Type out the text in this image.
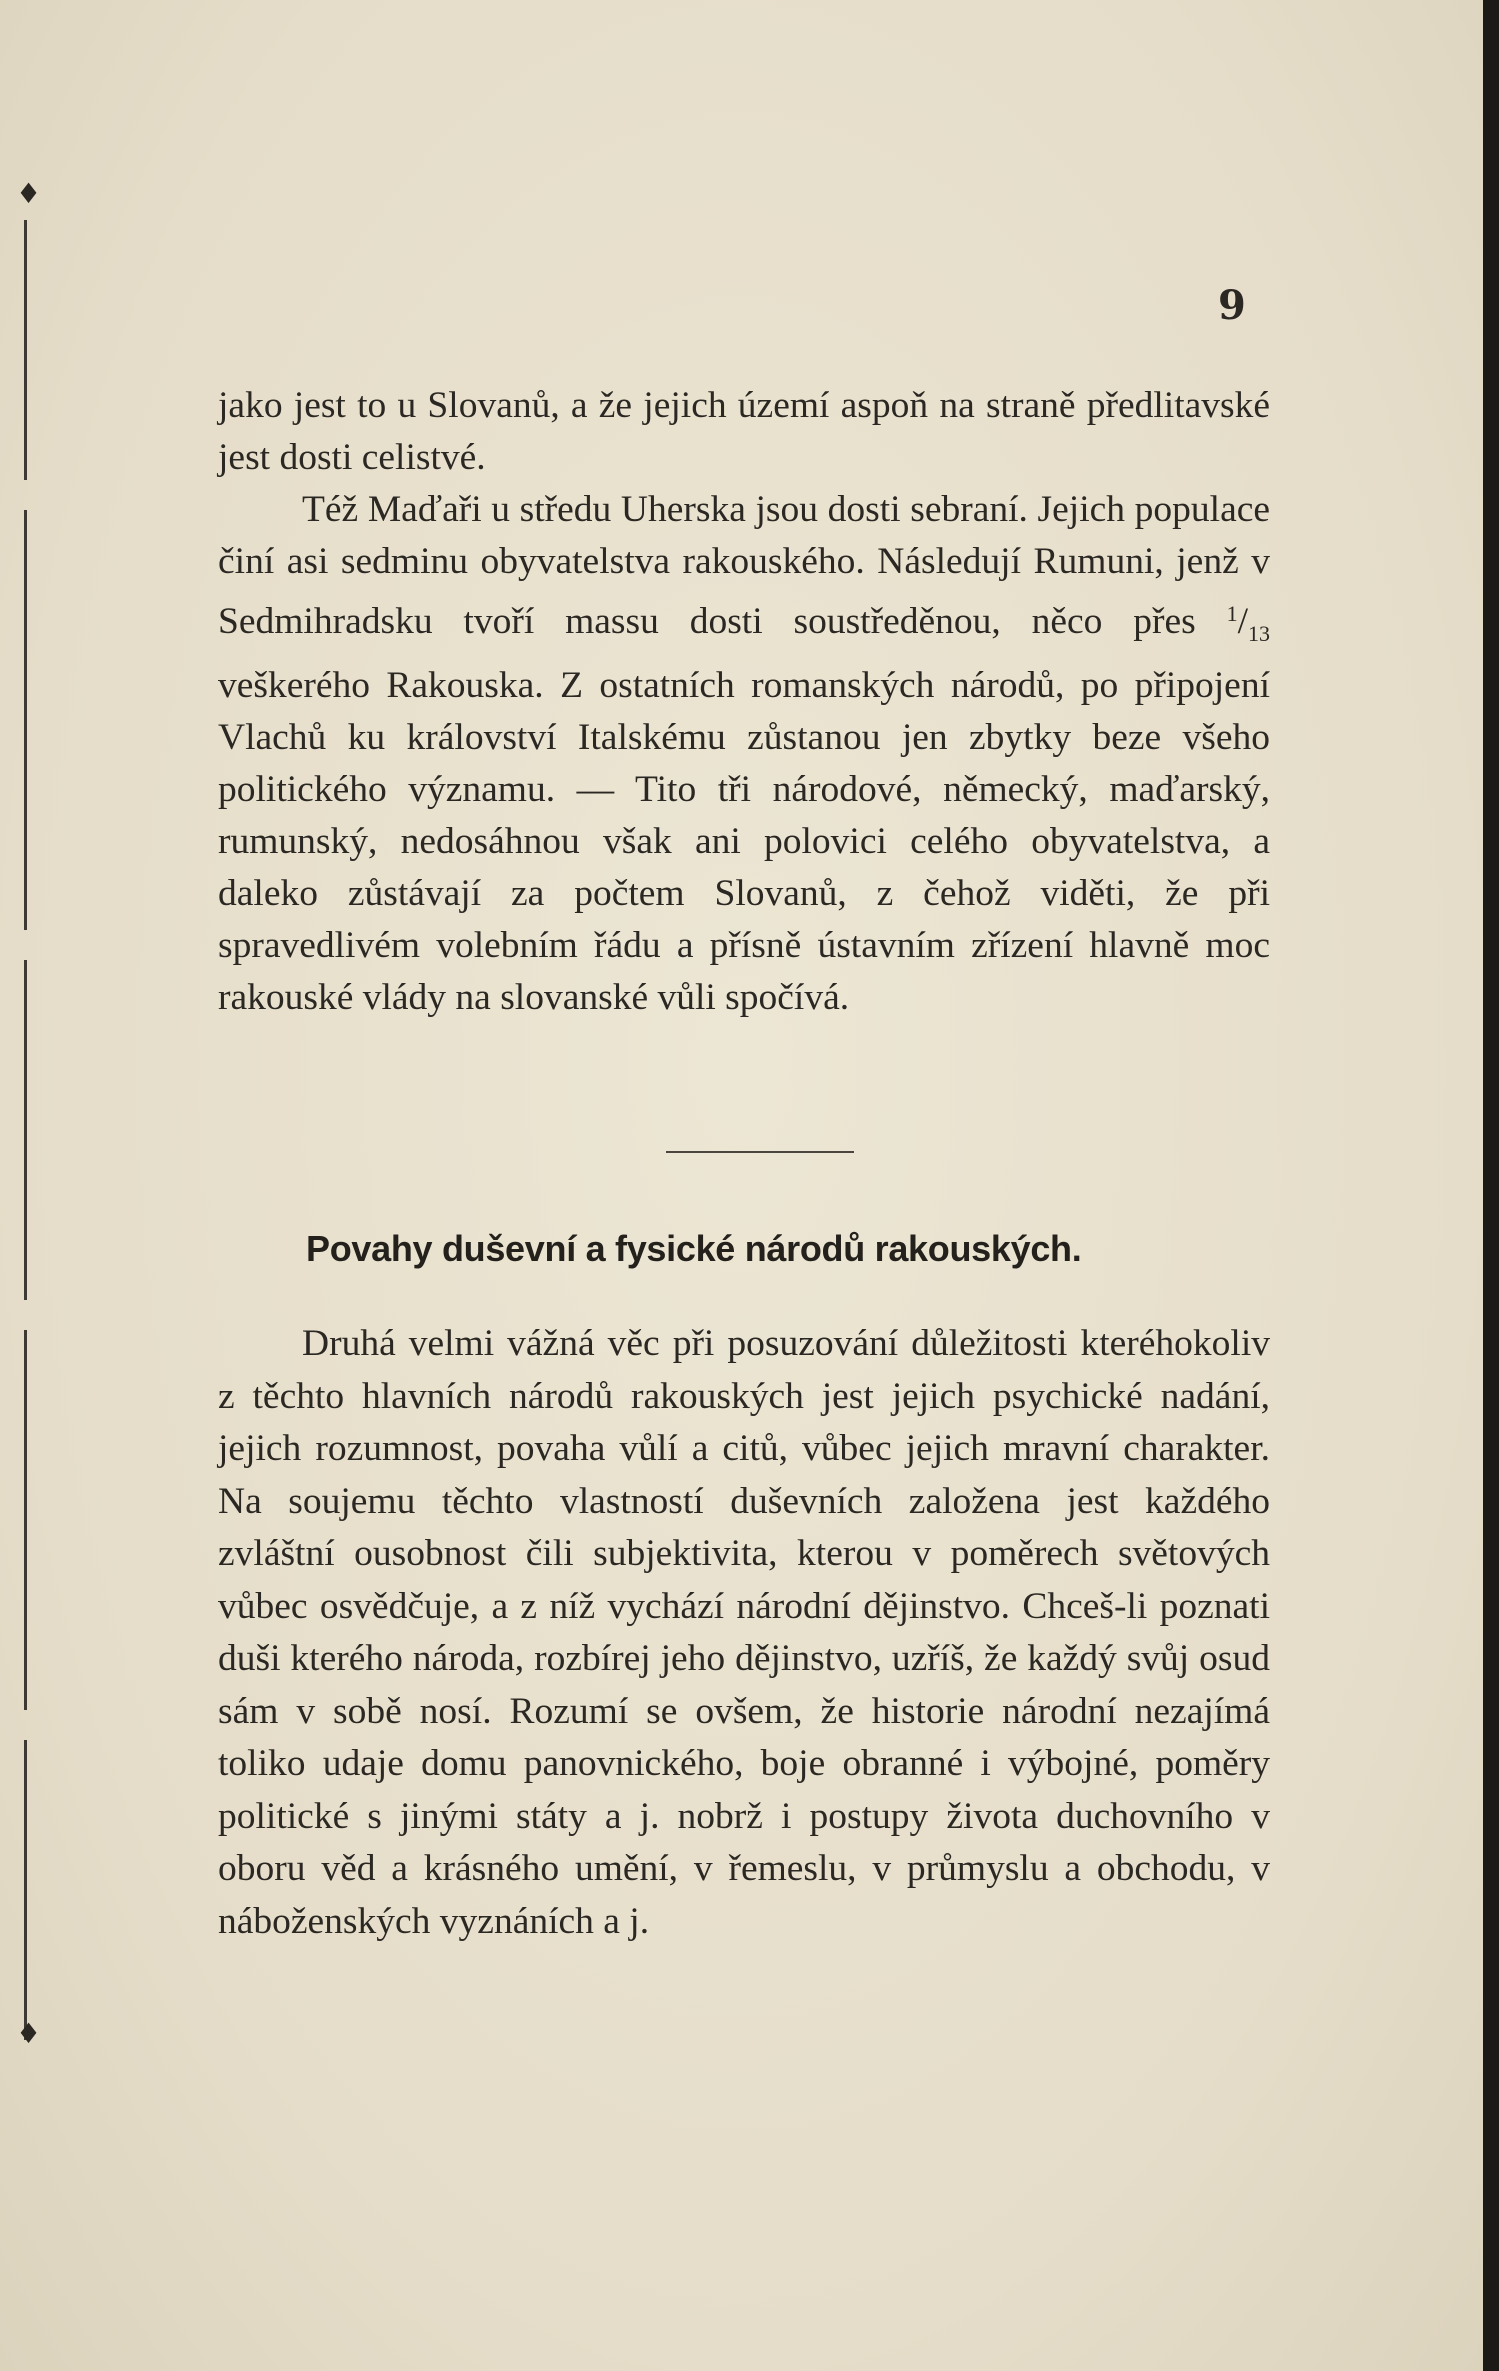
♦
♦
9

jako jest to u Slovanů, a že jejich území aspoň na straně předlitavské jest dosti celistvé.

Též Maďaři u středu Uherska jsou dosti sebraní. Jejich populace činí asi sedminu obyvatelstva rakouského. Následují Rumuni, jenž v Sedmihradsku tvoří massu dosti soustředěnou, něco přes $^1/_{13}$ veškerého Rakouska. Z ostatních romanských národů, po připojení Vlachů ku království Italskému zůstanou jen zbytky beze všeho politického významu. — Tito tři národové, německý, maďarský, rumunský, nedosáhnou však ani polovici celého obyvatelstva, a daleko zůstávají za počtem Slovanů, z čehož viděti, že při spravedlivém volebním řádu a přísně ústavním zřízení hlavně moc rakouské vlády na slovanské vůli spočívá.

Povahy duševní a fysické národů rakouských.

Druhá velmi vážná věc při posuzování důležitosti kteréhokoliv z těchto hlavních národů rakouských jest jejich psychické nadání, jejich rozumnost, povaha vůlí a citů, vůbec jejich mravní charakter. Na soujemu těchto vlastností duševních založena jest každého zvláštní ousobnost čili subjektivita, kterou v poměrech světových vůbec osvědčuje, a z níž vychází národní dějinstvo. Chceš-li poznati duši kterého národa, rozbírej jeho dějinstvo, uzříš, že každý svůj osud sám v sobě nosí. Rozumí se ovšem, že historie národní nezajímá toliko udaje domu panovnického, boje obranné i výbojné, poměry politické s jinými státy a j. nobrž i postupy života duchovního v oboru věd a krásného umění, v řemeslu, v průmyslu a obchodu, v náboženských vyznáních a j.
